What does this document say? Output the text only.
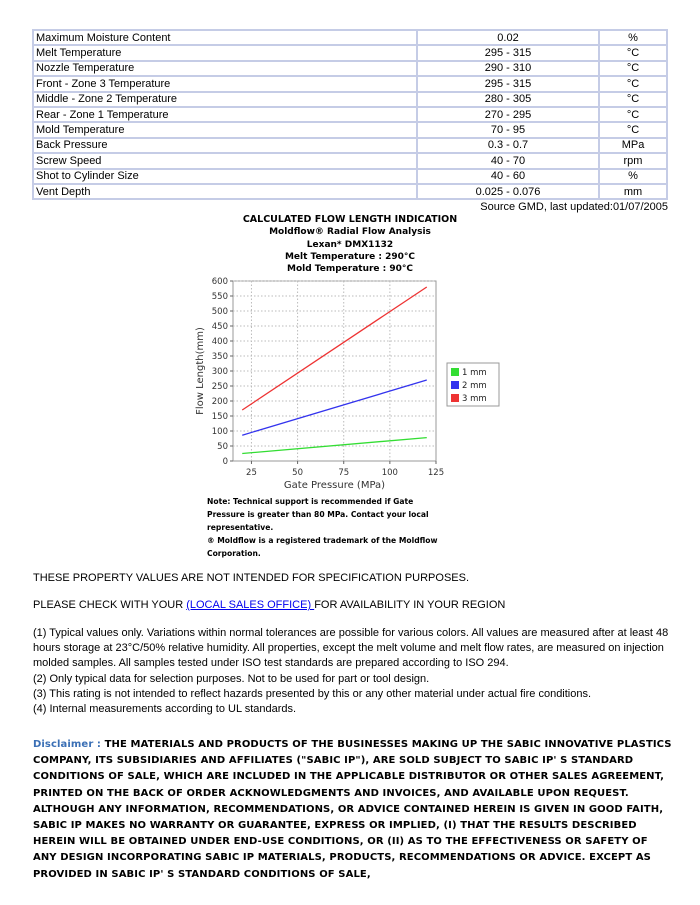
Maximum Moisture Content	0.02	%
Melt Temperature	295 - 315	°C
Nozzle Temperature	290 - 310	°C
Front - Zone 3 Temperature	295 - 315	°C
Middle - Zone 2 Temperature	280 - 305	°C
Rear - Zone 1 Temperature	270 - 295	°C
Mold Temperature	70 - 95	°C
Back Pressure	0.3 - 0.7	MPa
Screw Speed	40 - 70	rpm
Shot to Cylinder Size	40 - 60	%
Vent Depth	0.025 - 0.076	mm
Source GMD, last updated:01/07/2005
CALCULATED FLOW LENGTH INDICATION
Moldflow® Radial Flow Analysis
Lexan* DMX1132
Melt Temperature : 290°C
Mold Temperature : 90°C
0
50
100
150
200
250
300
350
400
450
500
550
600
25	50	75	100	125
Gate Pressure (MPa)
Flow Length(mm)	1 mm
2 mm
3 mm
Note: Technical support is recommended if Gate
Pressure is greater than 80 MPa. Contact your local
representative.
® Moldflow is a registered trademark of the Moldflow
Corporation.
THESE PROPERTY VALUES ARE NOT INTENDED FOR SPECIFICATION PURPOSES.
PLEASE CHECK WITH YOUR (LOCAL SALES OFFICE) FOR AVAILABILITY IN YOUR REGION
(1) Typical values only. Variations within normal tolerances are possible for various colors. All values are measured after at least 48 hours storage at 23°C/50% relative humidity. All properties, except the melt volume and melt flow rates, are measured on injection molded samples. All samples tested under ISO test standards are prepared according to ISO 294.
(2) Only typical data for selection purposes. Not to be used for part or tool design.
(3) This rating is not intended to reflect hazards presented by this or any other material under actual fire conditions.
(4) Internal measurements according to UL standards.
Disclaimer : THE MATERIALS AND PRODUCTS OF THE BUSINESSES MAKING UP THE SABIC INNOVATIVE PLASTICS COMPANY, ITS SUBSIDIARIES AND AFFILIATES ("SABIC IP"), ARE SOLD SUBJECT TO SABIC IP' S STANDARD CONDITIONS OF SALE, WHICH ARE INCLUDED IN THE APPLICABLE DISTRIBUTOR OR OTHER SALES AGREEMENT, PRINTED ON THE BACK OF ORDER ACKNOWLEDGMENTS AND INVOICES, AND AVAILABLE UPON REQUEST. ALTHOUGH ANY INFORMATION, RECOMMENDATIONS, OR ADVICE CONTAINED HEREIN IS GIVEN IN GOOD FAITH, SABIC IP MAKES NO WARRANTY OR GUARANTEE, EXPRESS OR IMPLIED, (I) THAT THE RESULTS DESCRIBED HEREIN WILL BE OBTAINED UNDER END-USE CONDITIONS, OR (II) AS TO THE EFFECTIVENESS OR SAFETY OF ANY DESIGN INCORPORATING SABIC IP MATERIALS, PRODUCTS, RECOMMENDATIONS OR ADVICE. EXCEPT AS PROVIDED IN SABIC IP' S STANDARD CONDITIONS OF SALE,
